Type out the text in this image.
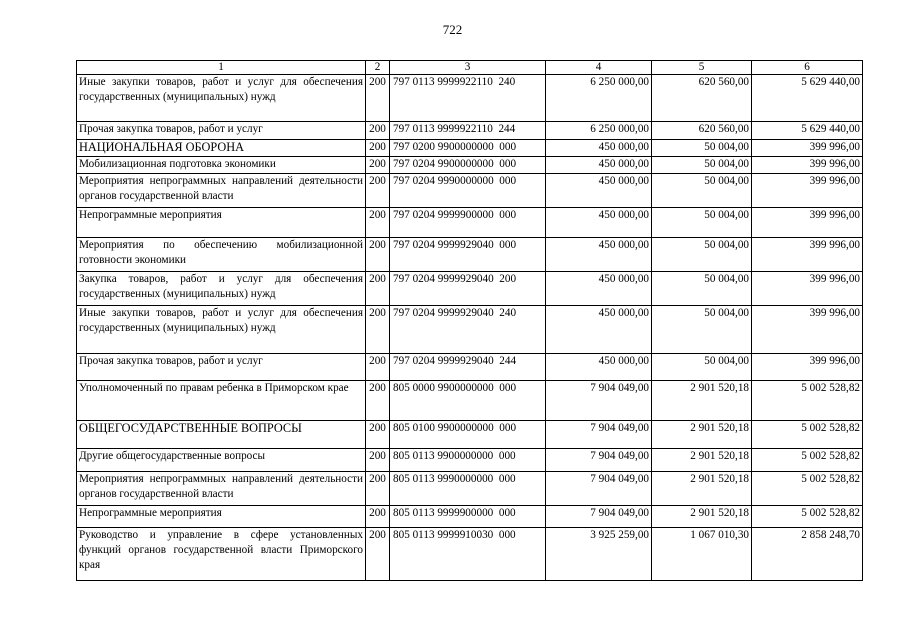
722
1	2	3	4	5	6
Иные закупки товаров, работ и услуг для обеспечения государственных (муниципальных) нужд	200	797 0113 9999922110  240	6 250 000,00	620 560,00	5 629 440,00
Прочая закупка товаров, работ и услуг	200	797 0113 9999922110  244	6 250 000,00	620 560,00	5 629 440,00
НАЦИОНАЛЬНАЯ ОБОРОНА	200	797 0200 9900000000  000	450 000,00	50 004,00	399 996,00
Мобилизационная подготовка экономики	200	797 0204 9900000000  000	450 000,00	50 004,00	399 996,00
Мероприятия непрограммных направлений деятельности органов государственной власти	200	797 0204 9990000000  000	450 000,00	50 004,00	399 996,00
Непрограммные мероприятия	200	797 0204 9999900000  000	450 000,00	50 004,00	399 996,00
Мероприятия по обеспечению мобилизационной готовности экономики	200	797 0204 9999929040  000	450 000,00	50 004,00	399 996,00
Закупка товаров, работ и услуг для обеспечения государственных (муниципальных) нужд	200	797 0204 9999929040  200	450 000,00	50 004,00	399 996,00
Иные закупки товаров, работ и услуг для обеспечения государственных (муниципальных) нужд	200	797 0204 9999929040  240	450 000,00	50 004,00	399 996,00
Прочая закупка товаров, работ и услуг	200	797 0204 9999929040  244	450 000,00	50 004,00	399 996,00
Уполномоченный по правам ребенка в Приморском крае	200	805 0000 9900000000  000	7 904 049,00	2 901 520,18	5 002 528,82
ОБЩЕГОСУДАРСТВЕННЫЕ ВОПРОСЫ	200	805 0100 9900000000  000	7 904 049,00	2 901 520,18	5 002 528,82
Другие общегосударственные вопросы	200	805 0113 9900000000  000	7 904 049,00	2 901 520,18	5 002 528,82
Мероприятия непрограммных направлений деятельности органов государственной власти	200	805 0113 9990000000  000	7 904 049,00	2 901 520,18	5 002 528,82
Непрограммные мероприятия	200	805 0113 9999900000  000	7 904 049,00	2 901 520,18	5 002 528,82
Руководство и управление в сфере установленных функций органов государственной власти Приморского края	200	805 0113 9999910030  000	3 925 259,00	1 067 010,30	2 858 248,70
